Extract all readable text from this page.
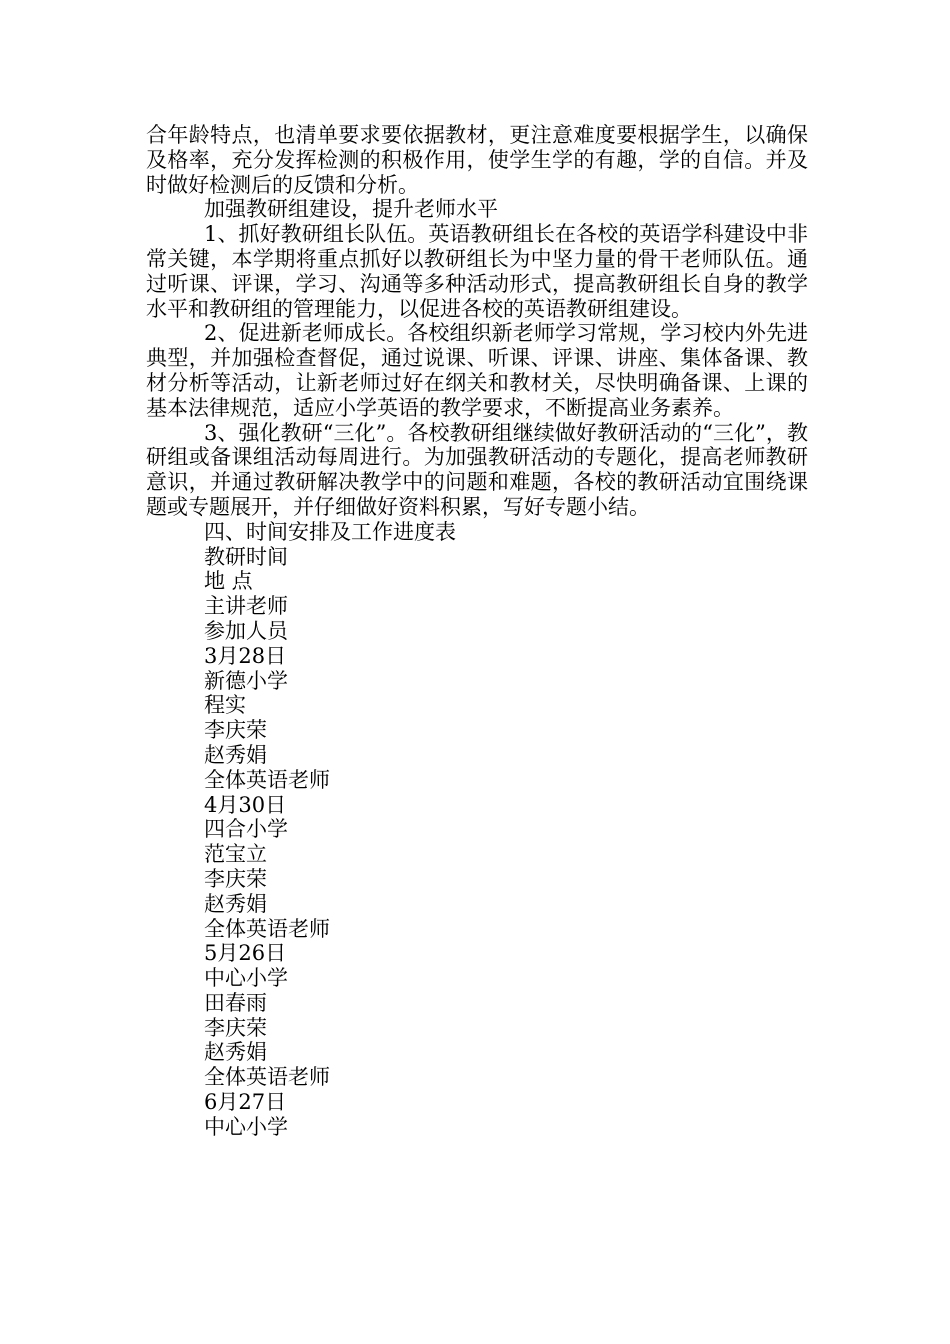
合年龄特点，也清单要求要依据教材，更注意难度要根据学生，以确保及格率，充分发挥检测的积极作用，使学生学的有趣，学的自信。并及时做好检测后的反馈和分析。

加强教研组建设，提升老师水平

1、抓好教研组长队伍。英语教研组长在各校的英语学科建设中非常关键，本学期将重点抓好以教研组长为中坚力量的骨干老师队伍。通过听课、评课，学习、沟通等多种活动形式，提高教研组长自身的教学水平和教研组的管理能力，以促进各校的英语教研组建设。

2、促进新老师成长。各校组织新老师学习常规，学习校内外先进典型，并加强检查督促，通过说课、听课、评课、讲座、集体备课、教材分析等活动，让新老师过好在纲关和教材关，尽快明确备课、上课的基本法律规范，适应小学英语的教学要求，不断提高业务素养。

3、强化教研“三化”。各校教研组继续做好教研活动的“三化”，教研组或备课组活动每周进行。为加强教研活动的专题化，提高老师教研意识，并通过教研解决教学中的问题和难题，各校的教研活动宜围绕课题或专题展开，并仔细做好资料积累，写好专题小结。

四、时间安排及工作进度表

教研时间

地 点

主讲老师

参加人员

3月28日

新德小学

程实

李庆荣

赵秀娟

全体英语老师

4月30日

四合小学

范宝立

李庆荣

赵秀娟

全体英语老师

5月26日

中心小学

田春雨

李庆荣

赵秀娟

全体英语老师

6月27日

中心小学
